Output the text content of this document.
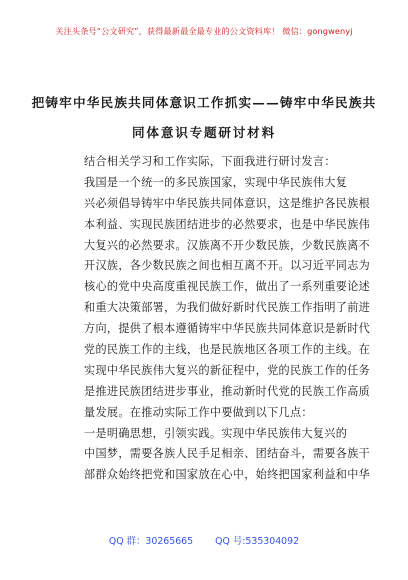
关注头条号“公文研究”，获得最新最全最专业的公文资料库！ 微信：gongwenyj
把铸牢中华民族共同体意识工作抓实——铸牢中华民族共
同体意识专题研讨材料
结合相关学习和工作实际，下面我进行研讨发言：
我国是一个统一的多民族国家，实现中华民族伟大复
兴必须倡导铸牢中华民族共同体意识，这是维护各民族根
本利益、实现民族团结进步的必然要求，也是中华民族伟
大复兴的必然要求。汉族离不开少数民族，少数民族离不
开汉族，各少数民族之间也相互离不开。以习近平同志为
核心的党中央高度重视民族工作，做出了一系列重要论述
和重大决策部署，为我们做好新时代民族工作指明了前进
方向，提供了根本遵循铸牢中华民族共同体意识是新时代
党的民族工作的主线，也是民族地区各项工作的主线。在
实现中华民族伟大复兴的新征程中，党的民族工作的任务
是推进民族团结进步事业，推动新时代党的民族工作高质
量发展。在推动实际工作中要做到以下几点：
一是明确思想，引领实践。实现中华民族伟大复兴的
中国梦，需要各族人民手足相亲、团结奋斗，需要各族干
部群众始终把党和国家放在心中，始终把国家利益和中华
QQ 群：30265665 QQ 号:535304092
